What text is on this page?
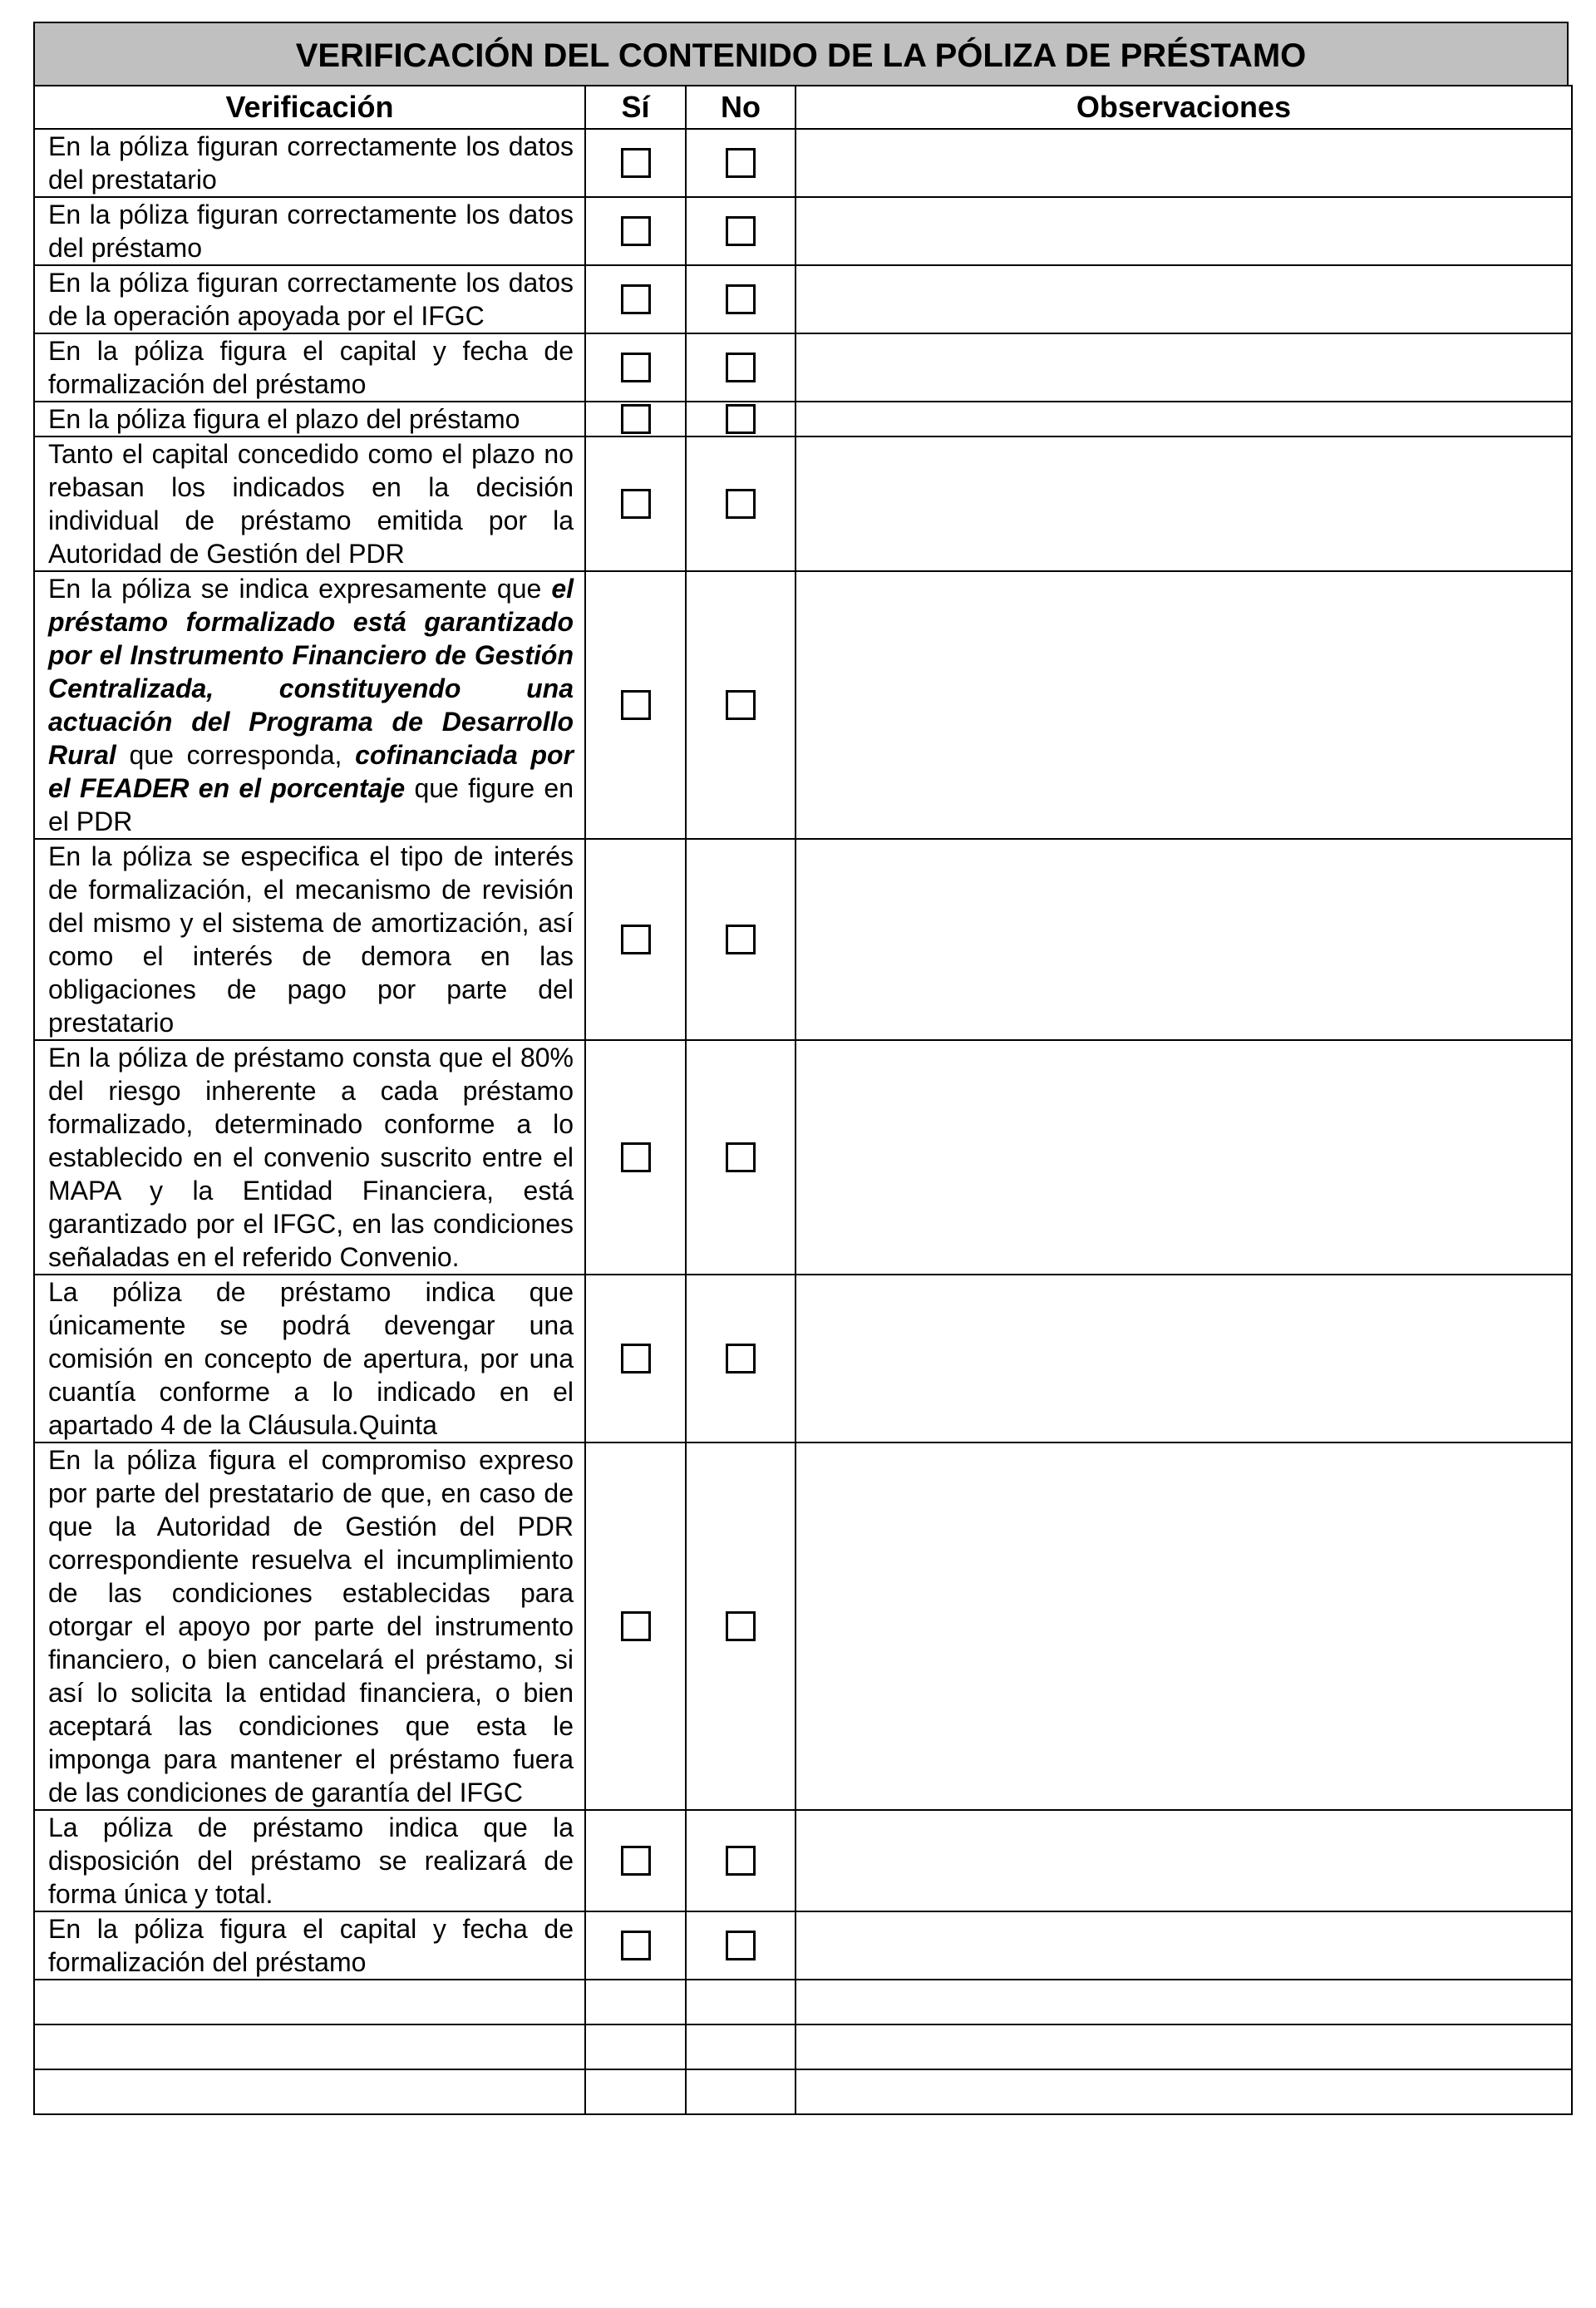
VERIFICACIÓN DEL CONTENIDO DE LA PÓLIZA DE PRÉSTAMO
Verificación	Sí	No	Observaciones
En la póliza figuran correctamente los datos del prestatario			
En la póliza figuran correctamente los datos del préstamo			
En la póliza figuran correctamente los datos de la operación apoyada por el IFGC			
En la póliza figura el capital y fecha de formalización del préstamo			
En la póliza figura el plazo del préstamo			
Tanto el capital concedido como el plazo no rebasan los indicados en la decisión individual de préstamo emitida por la Autoridad de Gestión del PDR			
En la póliza se indica expresamente que el préstamo formalizado está garantizado por el Instrumento Financiero de Gestión Centralizada, constituyendo una actuación del Programa de Desarrollo Rural que corresponda, cofinanciada por el FEADER en el porcentaje que figure en el PDR			
En la póliza se especifica el tipo de interés de formalización, el mecanismo de revisión del mismo y el sistema de amortización, así como el interés de demora en las obligaciones de pago por parte del prestatario			
En la póliza de préstamo consta que el 80% del riesgo inherente a cada préstamo formalizado, determinado conforme a lo establecido en el convenio suscrito entre el MAPA y la Entidad Financiera, está garantizado por el IFGC, en las condiciones señaladas en el referido Convenio.			
La póliza de préstamo indica que únicamente se podrá devengar una comisión en concepto de apertura, por una cuantía conforme a lo indicado en el apartado 4 de la Cláusula.Quinta			
En la póliza figura el compromiso expreso por parte del prestatario de que, en caso de que la Autoridad de Gestión del PDR correspondiente resuelva el incumplimiento de las condiciones establecidas para otorgar el apoyo por parte del instrumento financiero, o bien cancelará el préstamo, si así lo solicita la entidad financiera, o bien aceptará las condiciones que esta le imponga para mantener el préstamo fuera de las condiciones de garantía del IFGC			
La póliza de préstamo indica que la disposición del préstamo se realizará de forma única y total.			
En la póliza figura el capital y fecha de formalización del préstamo			
